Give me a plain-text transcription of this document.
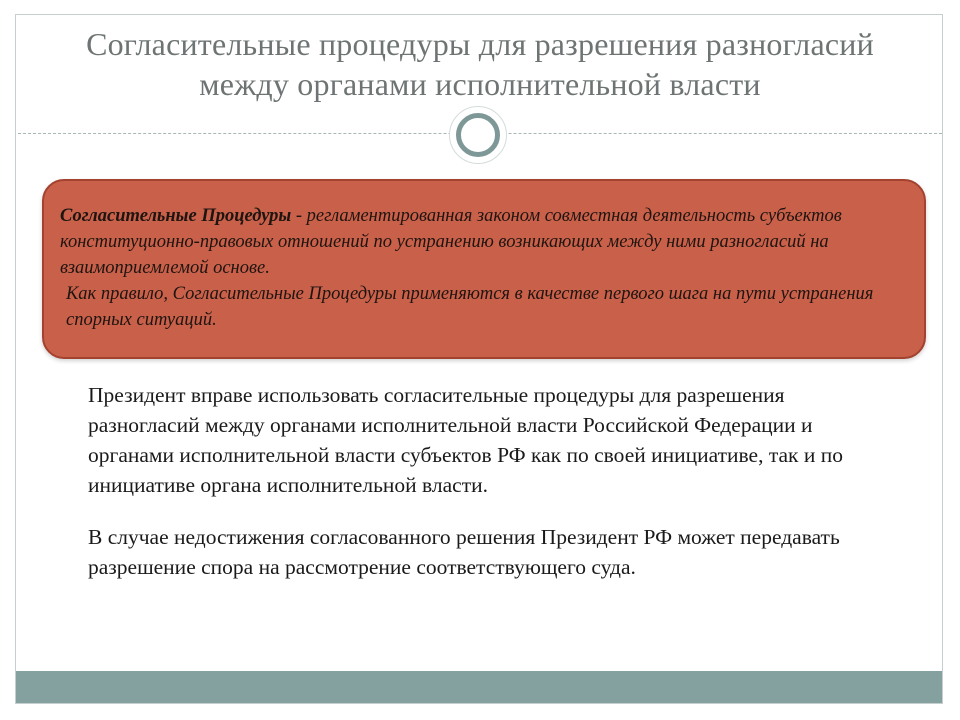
Согласительные процедуры для разрешения разногласий
между органами исполнительной власти
Согласительные Процедуры - регламентированная законом совместная деятельность субъектов конституционно-правовых отношений по устранению возникающих между ними разногласий на взаимоприемлемой основе.
Как правило, Согласительные Процедуры применяются в качестве первого шага на пути устранения спорных ситуаций.

Президент вправе использовать согласительные процедуры для разрешения разногласий между органами исполнительной власти Российской Федерации и органами исполнительной власти субъектов РФ как по своей инициативе, так и по инициативе органа исполнительной власти.

В случае недостижения согласованного решения Президент РФ может передавать разрешение спора на рассмотрение соответствующего суда.
